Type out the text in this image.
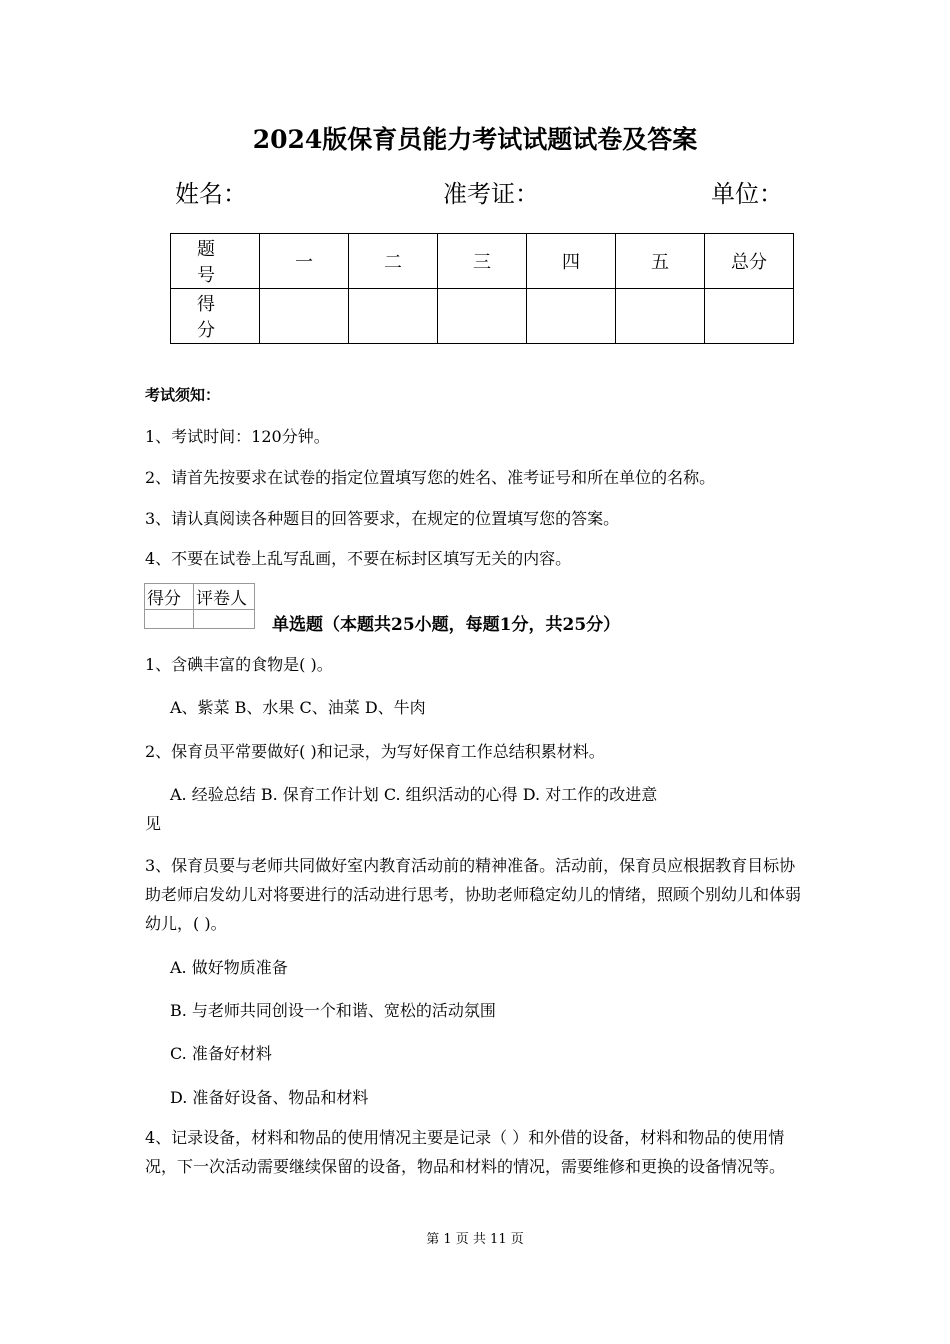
2024版保育员能力考试试题试卷及答案
姓名：	准考证：	单位：
题 号	一	二	三	四	五	总分
得 分						
考试须知：
1、考试时间：120分钟。
2、请首先按要求在试卷的指定位置填写您的姓名、准考证号和所在单位的名称。
3、请认真阅读各种题目的回答要求，在规定的位置填写您的答案。
4、不要在试卷上乱写乱画，不要在标封区填写无关的内容。
得分	评卷人

单选题（本题共25小题，每题1分，共25分）
1、含碘丰富的食物是( )。
A、紫菜 B、水果 C、油菜 D、牛肉
2、保育员平常要做好( )和记录，为写好保育工作总结积累材料。
A. 经验总结 B. 保育工作计划 C. 组织活动的心得 D. 对工作的改进意
见
3、保育员要与老师共同做好室内教育活动前的精神准备。活动前，保育员应根据教育目标协助老师启发幼儿对将要进行的活动进行思考，协助老师稳定幼儿的情绪，照顾个别幼儿和体弱幼儿，( )。
A. 做好物质准备
B. 与老师共同创设一个和谐、宽松的活动氛围
C. 准备好材料
D. 准备好设备、物品和材料
4、记录设备，材料和物品的使用情况主要是记录（ ）和外借的设备，材料和物品的使用情况，下一次活动需要继续保留的设备，物品和材料的情况，需要维修和更换的设备情况等。
第 1 页 共 11 页
